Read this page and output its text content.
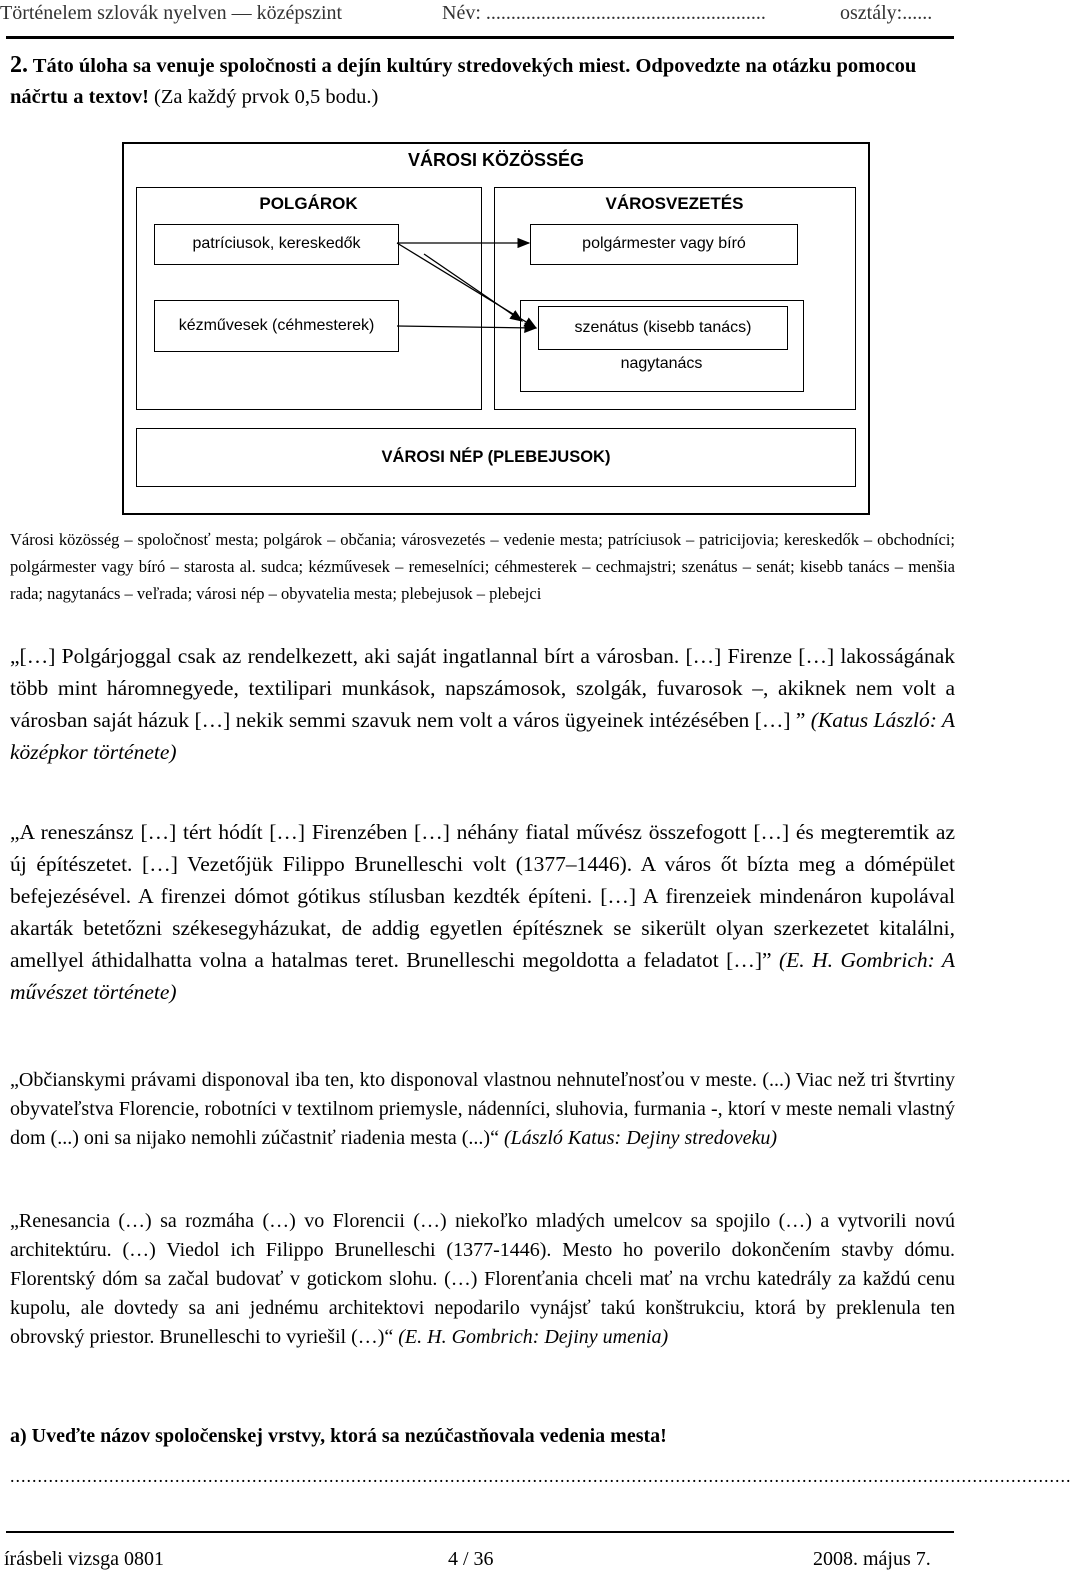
Történelem szlovák nyelven — középszint	Név: ........................................................	osztály:......
2. Táto úloha sa venuje spoločnosti a dejín kultúry stredovekých miest. Odpovedzte na otázku pomocou náčrtu a textov! (Za každý prvok 0,5 bodu.)
VÁROSI KÖZÖSSÉG
POLGÁROK
patríciusok, kereskedők
kézművesek (céhmesterek)
VÁROSVEZETÉS
polgármester vagy bíró
nagytanács
szenátus (kisebb tanács)
VÁROSI NÉP (PLEBEJUSOK)
Városi közösség – spoločnosť mesta; polgárok – občania; városvezetés – vedenie mesta; patríciusok – patricijovia; kereskedők – obchodníci; polgármester vagy bíró – starosta al. sudca; kézművesek – remeselníci; céhmesterek – cechmajstri; szenátus – senát; kisebb tanács – menšia rada; nagytanács – veľrada; városi nép – obyvatelia mesta; plebejusok – plebejci
„[…] Polgárjoggal csak az rendelkezett, aki saját ingatlannal bírt a városban. […] Firenze […] lakosságának több mint háromnegyede, textilipari munkások, napszámosok, szolgák, fuvarosok –, akiknek nem volt a városban saját házuk […] nekik semmi szavuk nem volt a város ügyeinek intézésében […] ” (Katus László: A középkor története)
„A reneszánsz […] tért hódít […] Firenzében […] néhány fiatal művész összefogott […] és megteremtik az új építészetet. […] Vezetőjük Filippo Brunelleschi volt (1377–1446). A város őt bízta meg a dómépület befejezésével. A firenzei dómot gótikus stílusban kezdték építeni. […] A firenzeiek mindenáron kupolával akarták betetőzni székesegyházukat, de addig egyetlen építésznek se sikerült olyan szerkezetet kitalálni, amellyel áthidalhatta volna a hatalmas teret. Brunelleschi megoldotta a feladatot […]” (E. H. Gombrich: A művészet története)
„Občianskymi právami disponoval iba ten, kto disponoval vlastnou nehnuteľnosťou v meste. (...) Viac než tri štvrtiny obyvateľstva Florencie, robotníci v textilnom priemysle, nádenníci, sluhovia, furmania -, ktorí v meste nemali vlastný dom (...) oni sa nijako nemohli zúčastniť riadenia mesta (...)“ (László Katus: Dejiny stredoveku)
„Renesancia (…) sa rozmáha (…) vo Florencii (…) niekoľko mladých umelcov sa spojilo (…) a vytvorili novú architektúru. (…) Viedol ich Filippo Brunelleschi (1377-1446). Mesto ho poverilo dokončením stavby dómu. Florentský dóm sa začal budovať v gotickom slohu. (…) Florenťania chceli mať na vrchu katedrály za každú cenu kupolu, ale dovtedy sa ani jednému architektovi nepodarilo vynájsť takú konštrukciu, ktorá by preklenula ten obrovský priestor. Brunelleschi to vyriešil (…)“ (E. H. Gombrich: Dejiny umenia)
a) Uveďte názov spoločenskej vrstvy, ktorá sa nezúčastňovala vedenia mesta!
.................................................................................................................................................................................................
írásbeli vizsga 0801	4 / 36	2008. május 7.
